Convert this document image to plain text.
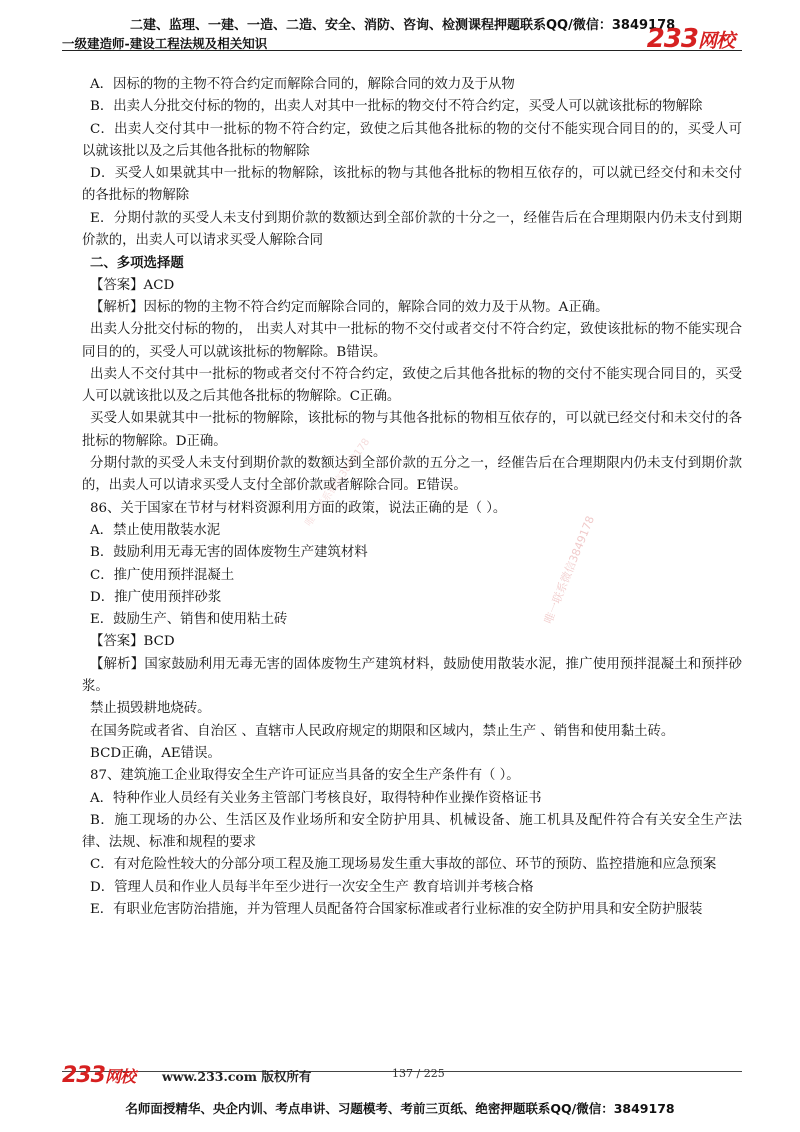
二建、监理、一建、一造、二造、安全、消防、咨询、检测课程押题联系QQ/微信：3849178
一级建造师-建设工程法规及相关知识	233网校

A．因标的物的主物不符合约定而解除合同的，解除合同的效力及于从物

B．出卖人分批交付标的物的，出卖人对其中一批标的物交付不符合约定，买受人可以就该批标的物解除

C．出卖人交付其中一批标的物不符合约定，致使之后其他各批标的物的交付不能实现合同目的的，买受人可以就该批以及之后其他各批标的物解除

D．买受人如果就其中一批标的物解除，该批标的物与其他各批标的物相互依存的，可以就已经交付和未交付的各批标的物解除

E．分期付款的买受人未支付到期价款的数额达到全部价款的十分之一，经催告后在合理期限内仍未支付到期价款的，出卖人可以请求买受人解除合同

二、多项选择题

【答案】ACD

【解析】因标的物的主物不符合约定而解除合同的，解除合同的效力及于从物。A正确。

出卖人分批交付标的物的， 出卖人对其中一批标的物不交付或者交付不符合约定，致使该批标的物不能实现合同目的的，买受人可以就该批标的物解除。B错误。

出卖人不交付其中一批标的物或者交付不符合约定，致使之后其他各批标的物的交付不能实现合同目的，买受人可以就该批以及之后其他各批标的物解除。C正确。

买受人如果就其中一批标的物解除，该批标的物与其他各批标的物相互依存的，可以就已经交付和未交付的各批标的物解除。D正确。

分期付款的买受人未支付到期价款的数额达到全部价款的五分之一，经催告后在合理期限内仍未支付到期价款的，出卖人可以请求买受人支付全部价款或者解除合同。E错误。

86、关于国家在节材与材料资源利用方面的政策，说法正确的是（ ）。

A．禁止使用散装水泥

B．鼓励利用无毒无害的固体废物生产建筑材料

C．推广使用预拌混凝土

D．推广使用预拌砂浆

E．鼓励生产、销售和使用粘土砖

【答案】BCD

【解析】国家鼓励利用无毒无害的固体废物生产建筑材料，鼓励使用散装水泥，推广使用预拌混凝土和预拌砂浆。

禁止损毁耕地烧砖。

在国务院或者省、自治区 、直辖市人民政府规定的期限和区域内，禁止生产 、销售和使用黏土砖。

BCD正确，AE错误。

87、建筑施工企业取得安全生产许可证应当具备的安全生产条件有（ ）。

A．特种作业人员经有关业务主管部门考核良好，取得特种作业操作资格证书

B．施工现场的办公、生活区及作业场所和安全防护用具、机械设备、施工机具及配件符合有关安全生产法律、法规、标准和规程的要求

C．有对危险性较大的分部分项工程及施工现场易发生重大事故的部位、环节的预防、监控措施和应急预案

D．管理人员和作业人员每半年至少进行一次安全生产 教育培训并考核合格

E．有职业危害防治措施，并为管理人员配备符合国家标准或者行业标准的安全防护用具和安全防护服装

唯一联系微信3849178
唯一联系微信3849178
233网校 www.233.com 版权所有	137 / 225
名师面授精华、央企内训、考点串讲、习题模考、考前三页纸、绝密押题联系QQ/微信：3849178
